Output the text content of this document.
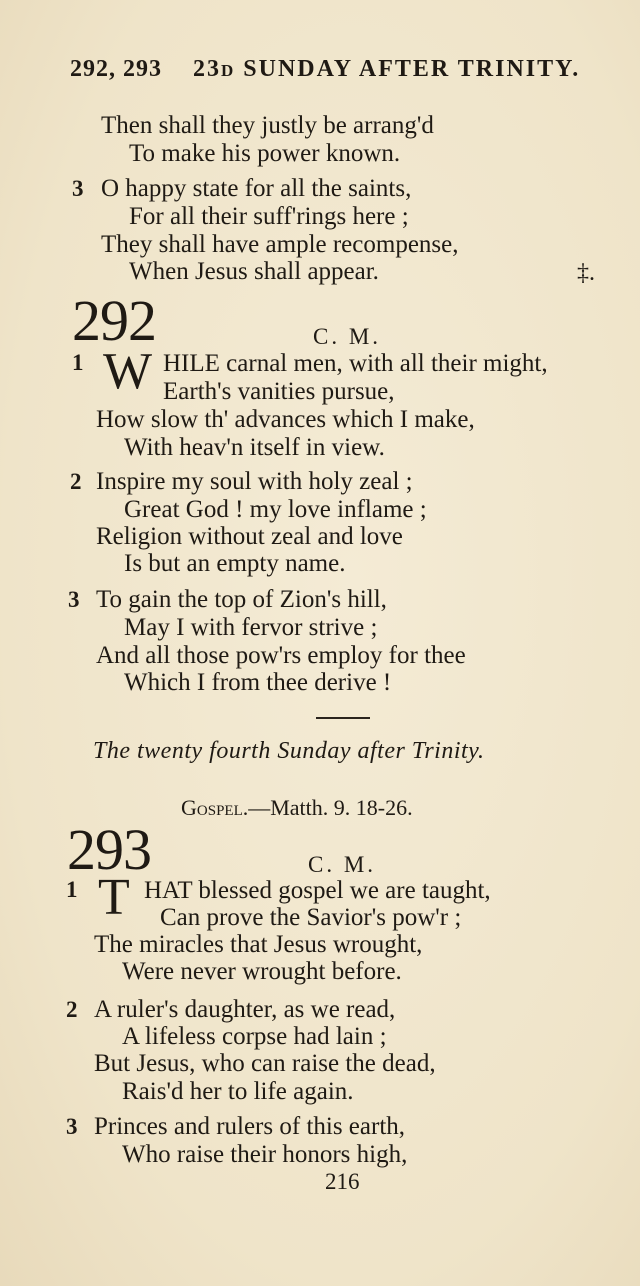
292, 293 23d SUNDAY AFTER TRINITY.
Then shall they justly be arrang'd
To make his power known.
3 O happy state for all the saints,
For all their suff'rings here ;
They shall have ample recompense,
When Jesus shall appear.	‡.
292	C. M.
1 W HILE carnal men, with all their might,
Earth's vanities pursue,
How slow th' advances which I make,
With heav'n itself in view.
2 Inspire my soul with holy zeal ;
Great God ! my love inflame ;
Religion without zeal and love
Is but an empty name.
3 To gain the top of Zion's hill,
May I with fervor strive ;
And all those pow'rs employ for thee
Which I from thee derive !
The twenty fourth Sunday after Trinity.
Gospel.—Matth. 9. 18-26.
293	C. M.
1 T HAT blessed gospel we are taught,
Can prove the Savior's pow'r ;
The miracles that Jesus wrought,
Were never wrought before.
2 A ruler's daughter, as we read,
A lifeless corpse had lain ;
But Jesus, who can raise the dead,
Rais'd her to life again.
3 Princes and rulers of this earth,
Who raise their honors high,
216
